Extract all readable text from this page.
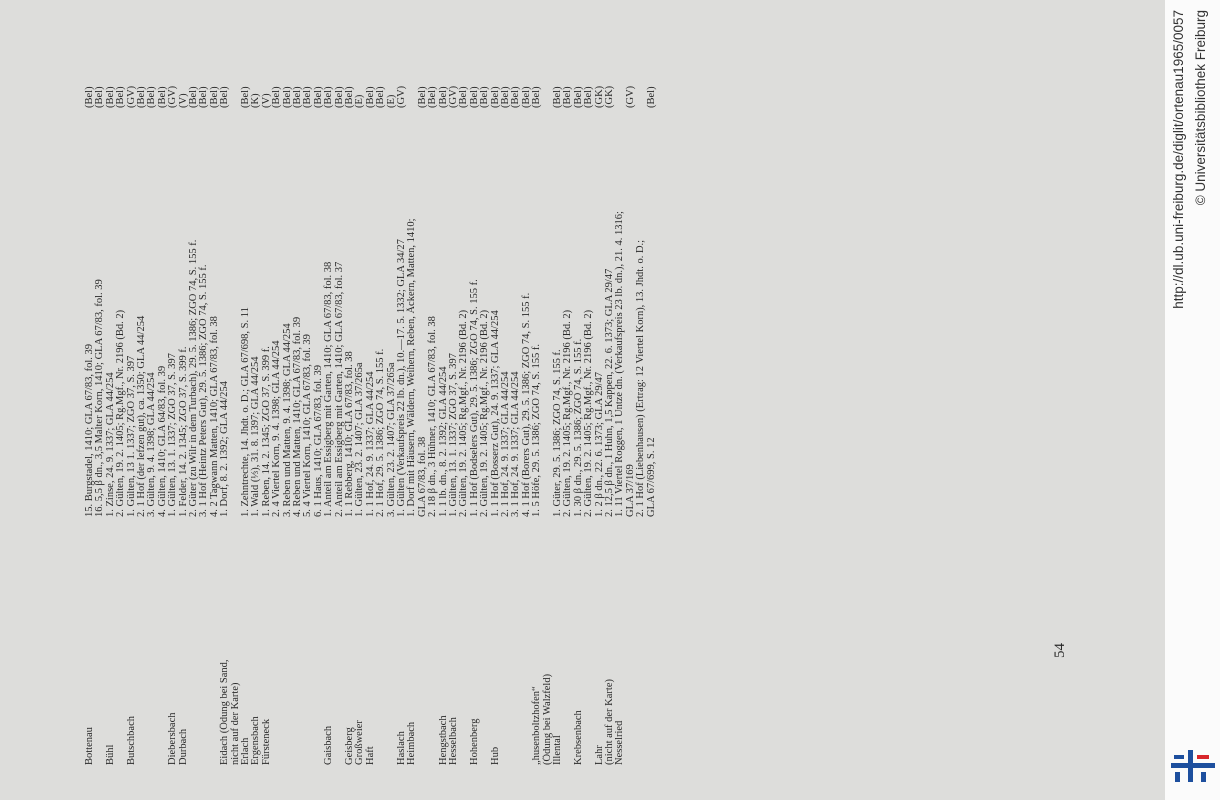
Bottenau
15. Burgstadel, 1410; GLA 67/83, fol. 39
(Bel)
16. 5,5 β dn., 3,5 Malter Korn, 1410; GLA 67/83, fol. 39
(Bel)
Bühl
1. Zinse, 24. 9. 1337; GLA 44/254
(Bel)
2. Gülten, 19. 2. 1405; Rg.Mgf., Nr. 2196 (Bd. 2)
(Bel)
Butschbach
1. Gülten, 13 1. 1337; ZGO 37, S. 397
(GV)
2. 1 Hof (der lefzen gut), ca. 1350; GLA 44/254
(Bel)
3. Gülten, 9. 4. 1398; GLA 44/254
(Bel)
4. Gülten, 1410; GLA 64/83, fol. 39
(Bel)
Diebersbach
1. Gülten, 13. 1. 1337; ZGO 37, S. 397
(GV)
Durbach
1. Felder, 14. 2. 1345; ZGO 37, S. 399 f.
(V)
2. Güter (zu Wilr in dem Turbach), 29. 5. 1386; ZGO 74, S. 155 f.
(Bel)
3. 1 Hof (Heintz Peters Gut), 29. 5. 1386; ZGO 74, S. 155 f.
(Bel)
4. 2 Tagwann Matten, 1410; GLA 67/83, fol. 38
(Bel)
Eidach (Ödung bei Sand,
1. Dorf, 8. 2. 1392; GLA 44/254
(Bel)
nicht auf der Karte) Erlach
1. Zehntrechte, 14. Jhdt. o. D.; GLA 67/698, S. 11
(Bel)
Ergensbach
1. Wald (⅓), 31. 8. 1397; GLA 44/254
(K)
Fürsteneck
1. Reben, 14. 2. 1345; ZGO 37, S. 399 f.
(V)
2. 4 Viertel Korn, 9. 4. 1398; GLA 44/254
(Bel)
3. Reben und Matten, 9. 4. 1398; GLA 44/254
(Bel)
4. Reben und Matten, 1410; GLA 67/83, fol. 39
(Bel)
5. 4 Viertel Korn, 1410; GLA 67/83, fol. 39
(Bel)
6. 1 Haus, 1410; GLA 67/83, fol. 39
(Bel)
Gaisbach
1. Anteil am Essigberg mit Garten, 1410; GLA 67/83, fol. 38
(Bel)
2. Anteil am Essigberg mit Garten, 1410; GLA 67/83, fol. 37
(Bel)
Geisberg
1. 1 Rebberg, 1410; GLA 67/83, fol. 38
(Bel)
Großweier
1. Gülten, 23. 2. 1407; GLA 37/265a
(E)
Haft
1. 1 Hof, 24. 9. 1337; GLA 44/254
(Bel)
2. 1 Hof, 29. 5. 1386; ZGO 74, S. 155 f.
(Bel)
3. Gülten, 23. 2. 1407; GLA 37/265a
(E)
Haslach
1. Gülten (Verkaufspreis 22 lb. dn.), 10.—17. 5. 1332; GLA 34/27
(GV)
Heimbach
1. Dorf mit Häusern, Wäldern, Weihern, Reben, Äckern, Matten, 1410; GLA 67/83, fol. 38
(Bel)
2. 18 β dn., 3 Hühner, 1410; GLA 67/83, fol. 38
(Bel)
Hengstbach
1. 1 lb. dn., 8. 2. 1392; GLA 44/254
(Bel)
Hesselbach
1. Gülten, 13. 1. 1337; ZGO 37, S. 397
(GV)
2. Gülten, 19. 2. 1405; Rg.Mgf., Nr. 2196 (Bd. 2)
(Bel)
Hohenberg
1. 1 Hof (Bodselers Gut), 29. 5. 1386; ZGO 74, S. 155 f.
(Bel)
2. Gülten, 19. 2. 1405; Rg.Mgf., Nr. 2196 (Bd. 2)
(Bel)
Hub
1. 1 Hof (Bosserz Gut), 24. 9. 1337; GLA 44/254
(Bel)
2. 1 Hof, 24. 9. 1337; GLA 44/254
(Bel)
3. 1 Hof, 24. 9. 1337; GLA 44/254
(Bel)
4. 1 Hof (Borers Gut), 29. 5. 1386; ZGO 74, S. 155 f.
(Bel)
„husenboltzhofen“
1. 5 Höfe, 29. 5. 1386; ZGO 74, S. 155 f.
(Bel)
(Ödung bei Walzfeld) Illental
1. Güter, 29. 5. 1386; ZGO 74, S. 155 f.
(Bel)
2. Gülten, 19. 2. 1405; Rg.Mgf., Nr. 2196 (Bd. 2)
(Bel)
Krebsenbach
1. 30 β dn., 29. 5. 1386; ZGO 74, S. 155 f.
(Bel)
2. Gülten, 19. 2. 1405; Rg.Mgf., Nr. 2196 (Bd. 2)
(Bel)
Lahr
1. 2 β dn., 22. 6. 1373; GLA 29/47
(GK)
(nicht auf der Karte)
2. 12,5 β dn., 1 Huhn, 1,5 Kappen, 22. 6. 1373; GLA 29/47
(GK)
Nesselried
1. 11 Viertel Roggen, 1 Untze dn. (Verkaufspreis 23 lb. dn.), 21. 4. 1316; GLA 37/169
(GV)
2. 1 Hof (Liebenhausen) (Ertrag: 12 Viertel Korn), 13. Jhdt. o. D.; GLA 67/699, S. 12
(Bel)
54
http://dl.ub.uni-freiburg.de/diglit/ortenau1965/0057 © Universitätsbibliothek Freiburg
